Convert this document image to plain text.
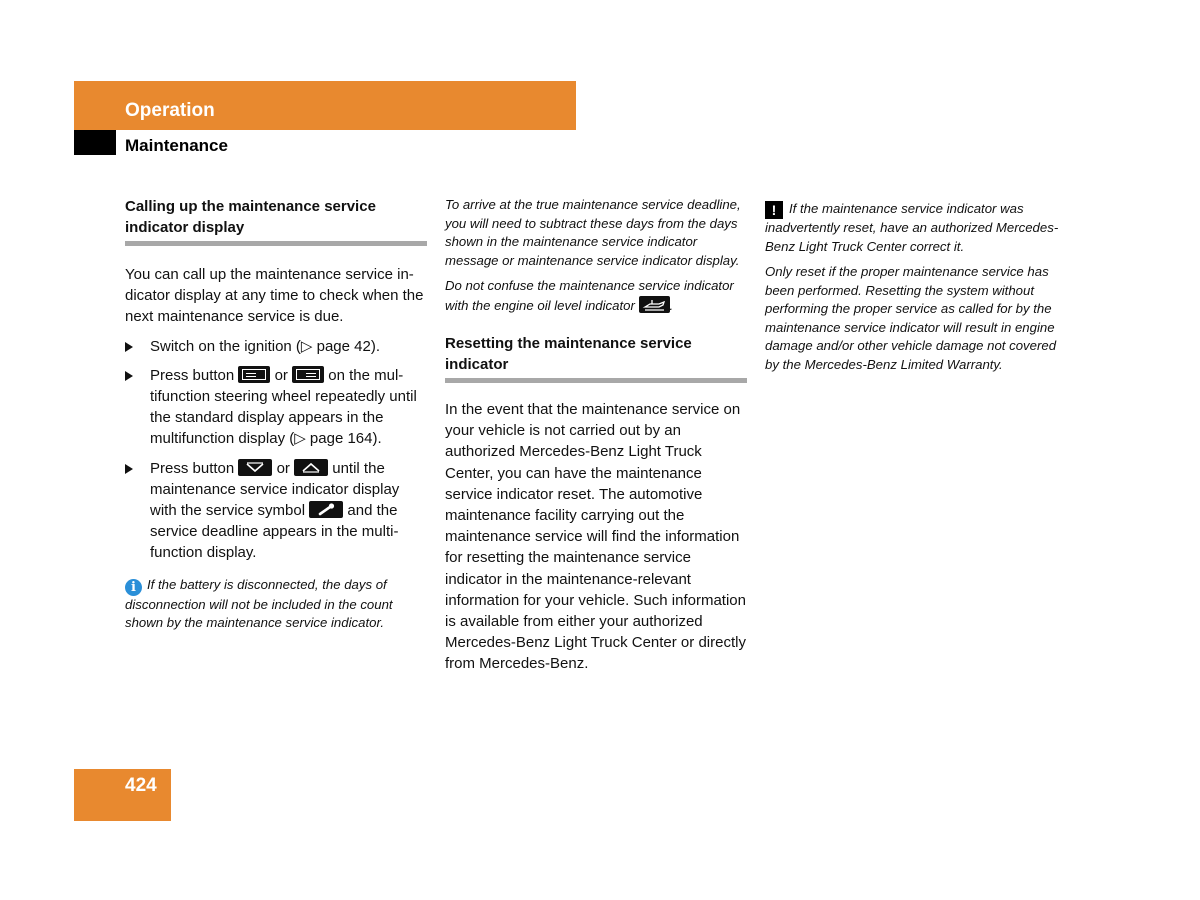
Operation
Maintenance

Calling up the maintenance service indicator display

You can call up the maintenance service indicator display at any time to check when the next maintenance service is due.

Switch on the ignition (▷ page 42).
Press button	or	on the multifunction steering wheel repeatedly until the standard display appears in the multifunction display (▷ page 164).
Press button	or	until the maintenance service indicator display with the service symbol	and the service deadline appears in the multifunction display.

i If the battery is disconnected, the days of disconnection will not be included in the count shown by the maintenance service indicator.

To arrive at the true maintenance service deadline, you will need to subtract these days from the days shown in the maintenance service indicator message or maintenance service indicator display.

Do not confuse the maintenance service indicator with the engine oil level indicator	.

Resetting the maintenance service indicator

In the event that the maintenance service on your vehicle is not carried out by an authorized Mercedes-Benz Light Truck Center, you can have the maintenance service indicator reset. The automotive maintenance facility carrying out the maintenance service will find the information for resetting the maintenance service indicator in the maintenance-relevant information for your vehicle. Such information is available from either your authorized Mercedes-Benz Light Truck Center or directly from Mercedes-Benz.

! If the maintenance service indicator was inadvertently reset, have an authorized Mercedes-Benz Light Truck Center correct it.

Only reset if the proper maintenance service has been performed. Resetting the system without performing the proper service as called for by the maintenance service indicator will result in engine damage and/or other vehicle damage not covered by the Mercedes-Benz Limited Warranty.

424
